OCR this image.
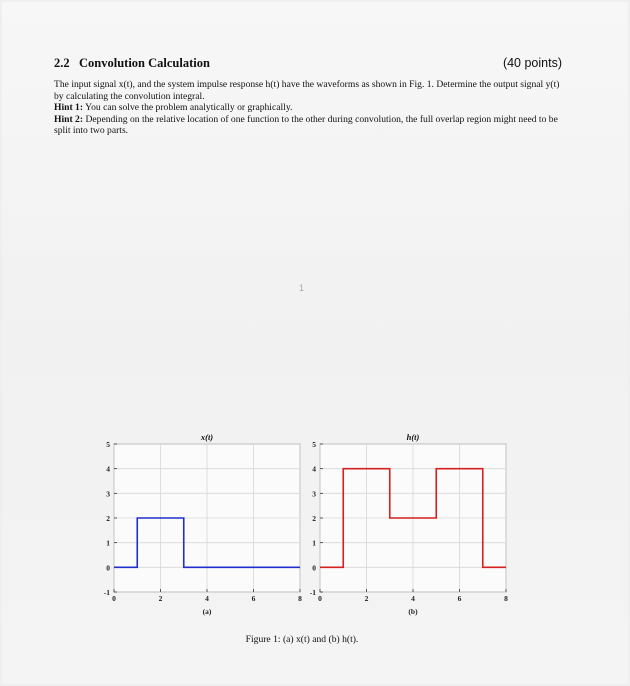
2.2 Convolution Calculation	(40 points)

The input signal x(t), and the system impulse response h(t) have the waveforms as shown in Fig. 1. Determine the output signal y(t) by calculating the convolution integral.

Hint 1: You can solve the problem analytically or graphically.

Hint 2: Depending on the relative location of one function to the other during convolution, the full overlap region might need to be split into two parts.

1
-1
0
1
2
3
4
5
0	2	4	6	8
x(t)
(a)
-1
0
1
2
3
4
5
0	2	4	6	8
h(t)
(b)
Figure 1: (a) x(t) and (b) h(t).
